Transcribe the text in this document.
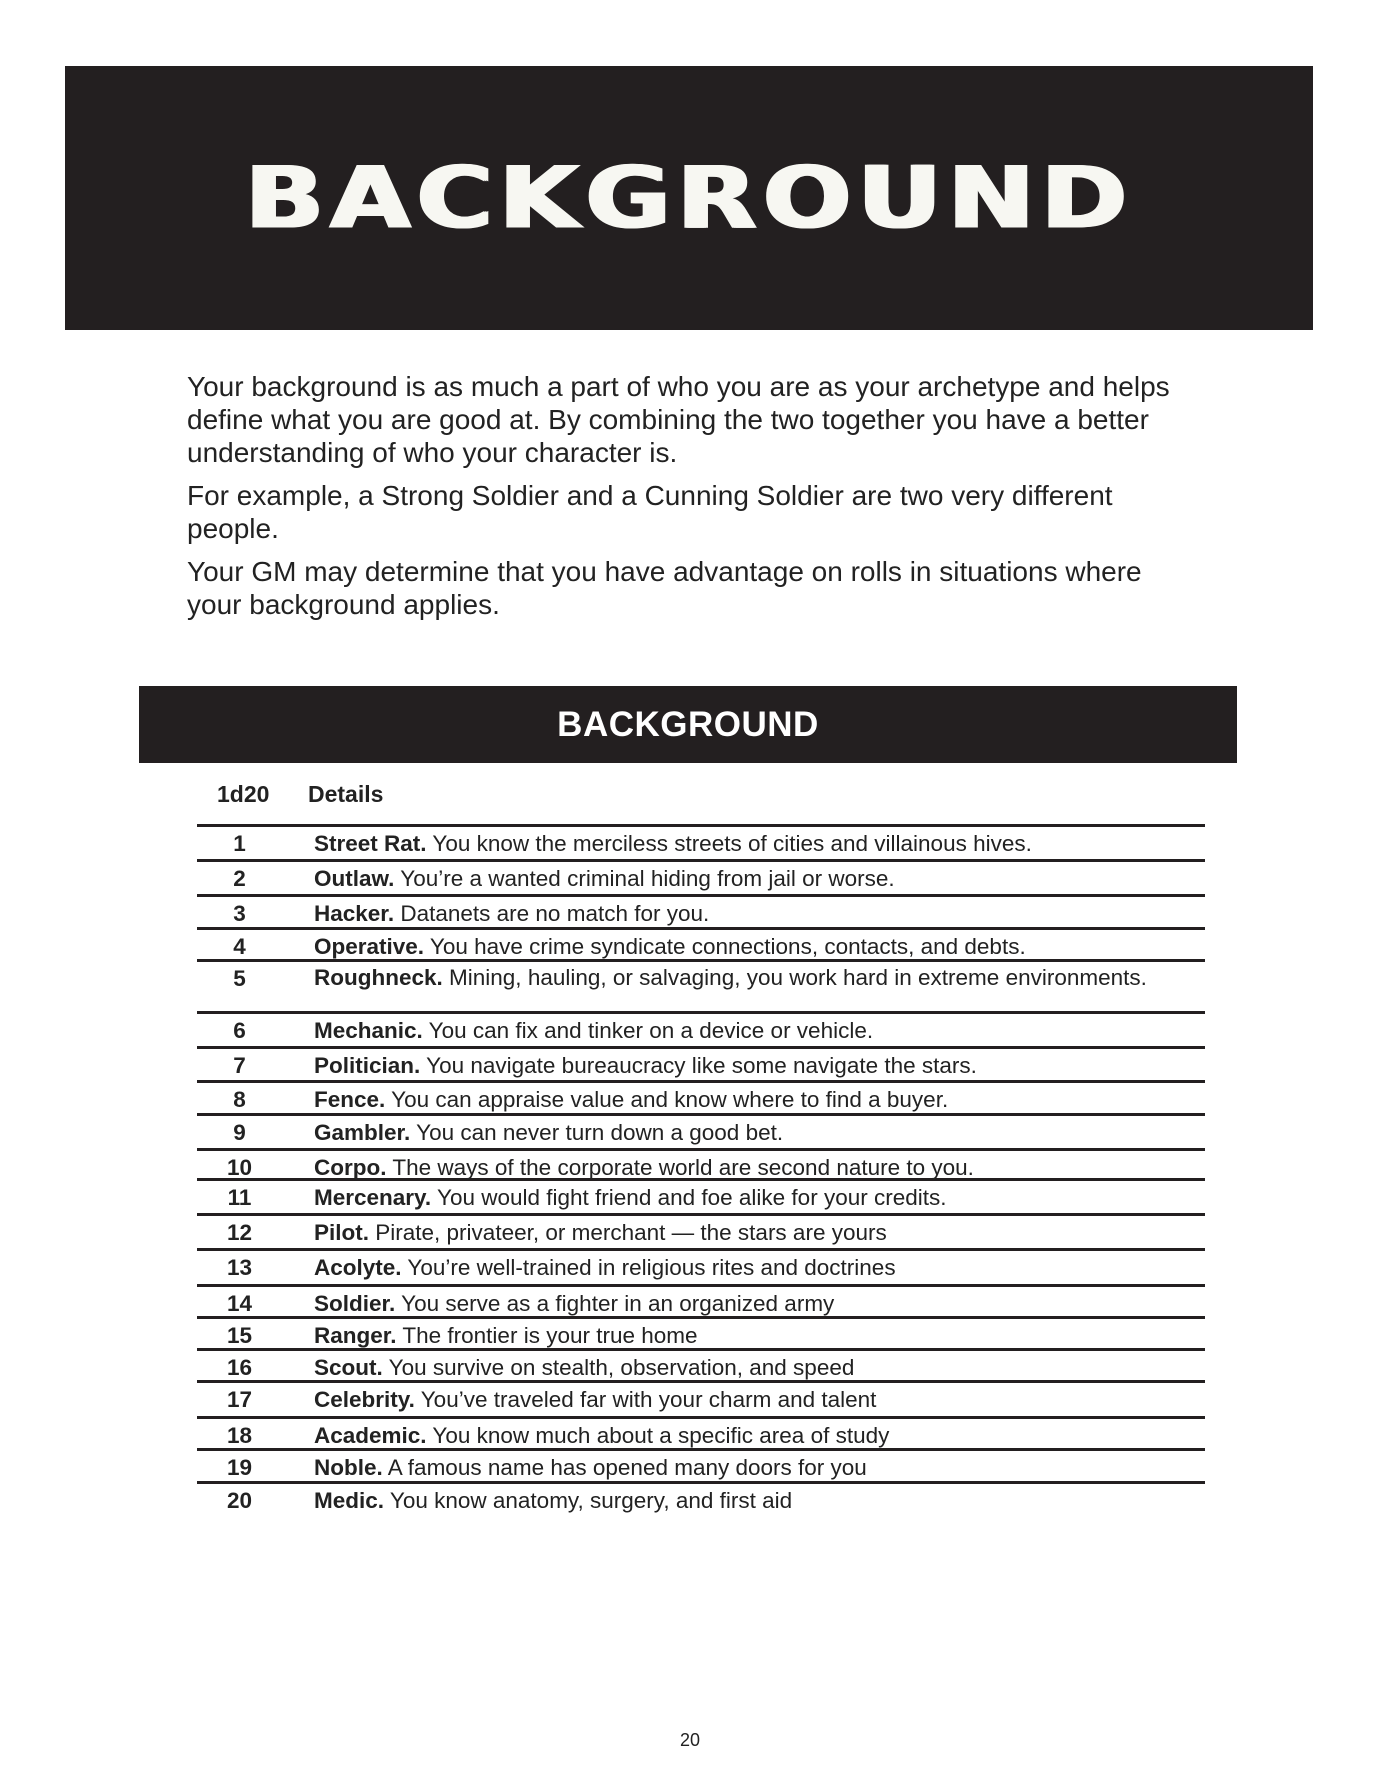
BACKGROUND

Your background is as much a part of who you are as your archetype and helps define what you are good at. By combining the two together you have a better understanding of who your character is.

For example, a Strong Soldier and a Cunning Soldier are two very different people.

Your GM may determine that you have advantage on rolls in situations where your background applies.

BACKGROUND
1d20 Details
1	Street Rat. You know the merciless streets of cities and villainous hives.
2	Outlaw. You’re a wanted criminal hiding from jail or worse.
3	Hacker. Datanets are no match for you.
4	Operative. You have crime syndicate connections, contacts, and debts.
5	Roughneck. Mining, hauling, or salvaging, you work hard in extreme environments.
6	Mechanic. You can fix and tinker on a device or vehicle.
7	Politician. You navigate bureaucracy like some navigate the stars.
8	Fence. You can appraise value and know where to find a buyer.
9	Gambler. You can never turn down a good bet.
10	Corpo. The ways of the corporate world are second nature to you.
11	Mercenary. You would fight friend and foe alike for your credits.
12	Pilot. Pirate, privateer, or merchant — the stars are yours
13	Acolyte. You’re well-trained in religious rites and doctrines
14	Soldier. You serve as a fighter in an organized army
15	Ranger. The frontier is your true home
16	Scout. You survive on stealth, observation, and speed
17	Celebrity. You’ve traveled far with your charm and talent
18	Academic. You know much about a specific area of study
19	Noble. A famous name has opened many doors for you
20	Medic. You know anatomy, surgery, and first aid
20
